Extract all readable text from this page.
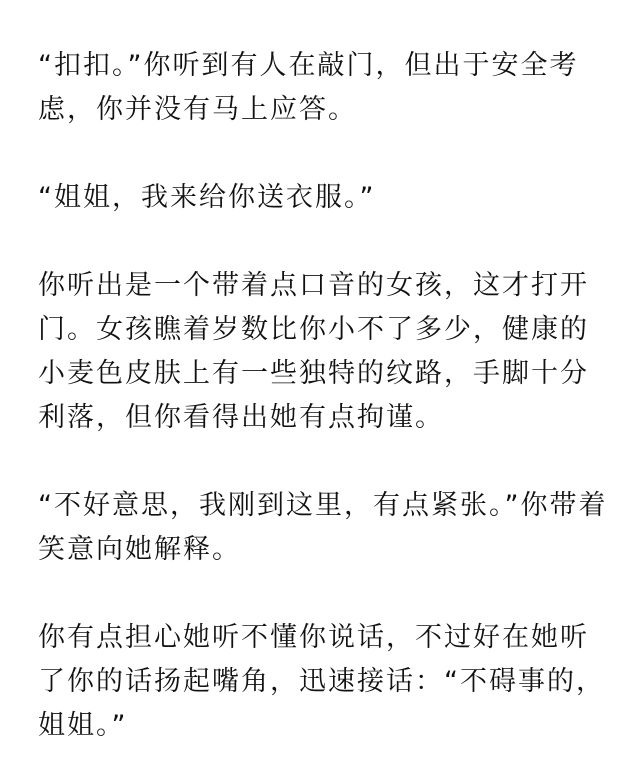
“扣扣。”你听到有人在敲门，但出于安全考虑，你并没有马上应答。

“姐姐，我来给你送衣服。”

你听出是一个带着点口音的女孩，这才打开门。女孩瞧着岁数比你小不了多少，健康的小麦色皮肤上有一些独特的纹路，手脚十分利落，但你看得出她有点拘谨。

“不好意思，我刚到这里，有点紧张。”你带着笑意向她解释。

你有点担心她听不懂你说话，不过好在她听了你的话扬起嘴角，迅速接话：“不碍事的，姐姐。”
